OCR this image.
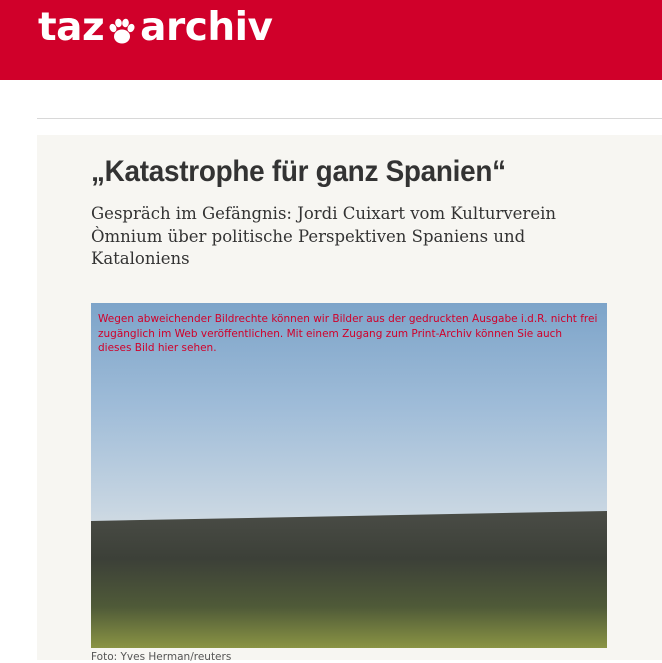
taz archiv
„Katastrophe für ganz Spanien“

Gespräch im Gefängnis: Jordi Cuixart vom Kulturverein Òmnium über politische Perspektiven Spaniens und Kataloniens

Wegen abweichender Bildrechte können wir Bilder aus der gedruckten Ausgabe i.d.R. nicht frei zugänglich im Web veröffentlichen. Mit einem Zugang zum Print-Archiv können Sie auch dieses Bild hier sehen.

Foto: Yves Herman/reuters
